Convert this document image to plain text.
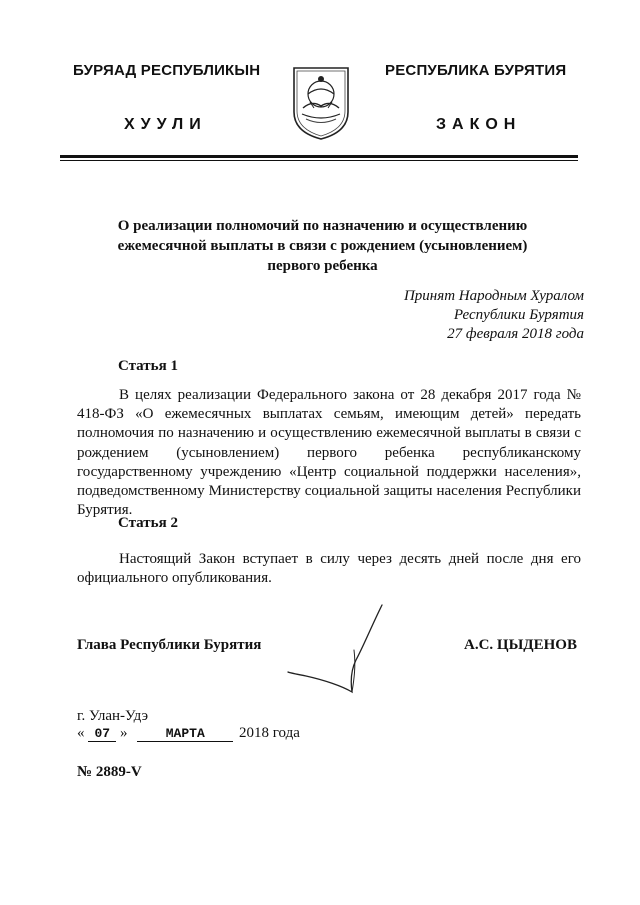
БУРЯАД РЕСПУБЛИКЫН
ХУУЛИ
РЕСПУБЛИКА БУРЯТИЯ
ЗАКОН
О реализации полномочий по назначению и осуществлению
ежемесячной выплаты в связи с рождением (усыновлением)
первого ребенка
Принят Народным Хуралом
Республики Бурятия
27 февраля 2018 года
Статья 1
В целях реализации Федерального закона от 28 декабря 2017 года № 418-ФЗ «О ежемесячных выплатах семьям, имеющим детей» передать полномочия по назначению и осуществлению ежемесячной выплаты в связи с рождением (усыновлением) первого ребенка республиканскому государственному учреждению «Центр социальной поддержки населения», подведомственному Министерству социальной защиты населения Республики Бурятия.
Статья 2
Настоящий Закон вступает в силу через десять дней после дня его официального опубликования.
Глава Республики Бурятия	А.С. ЦЫДЕНОВ
г. Улан-Удэ
« 07 »	МАРТА 2018 года
№ 2889-V
